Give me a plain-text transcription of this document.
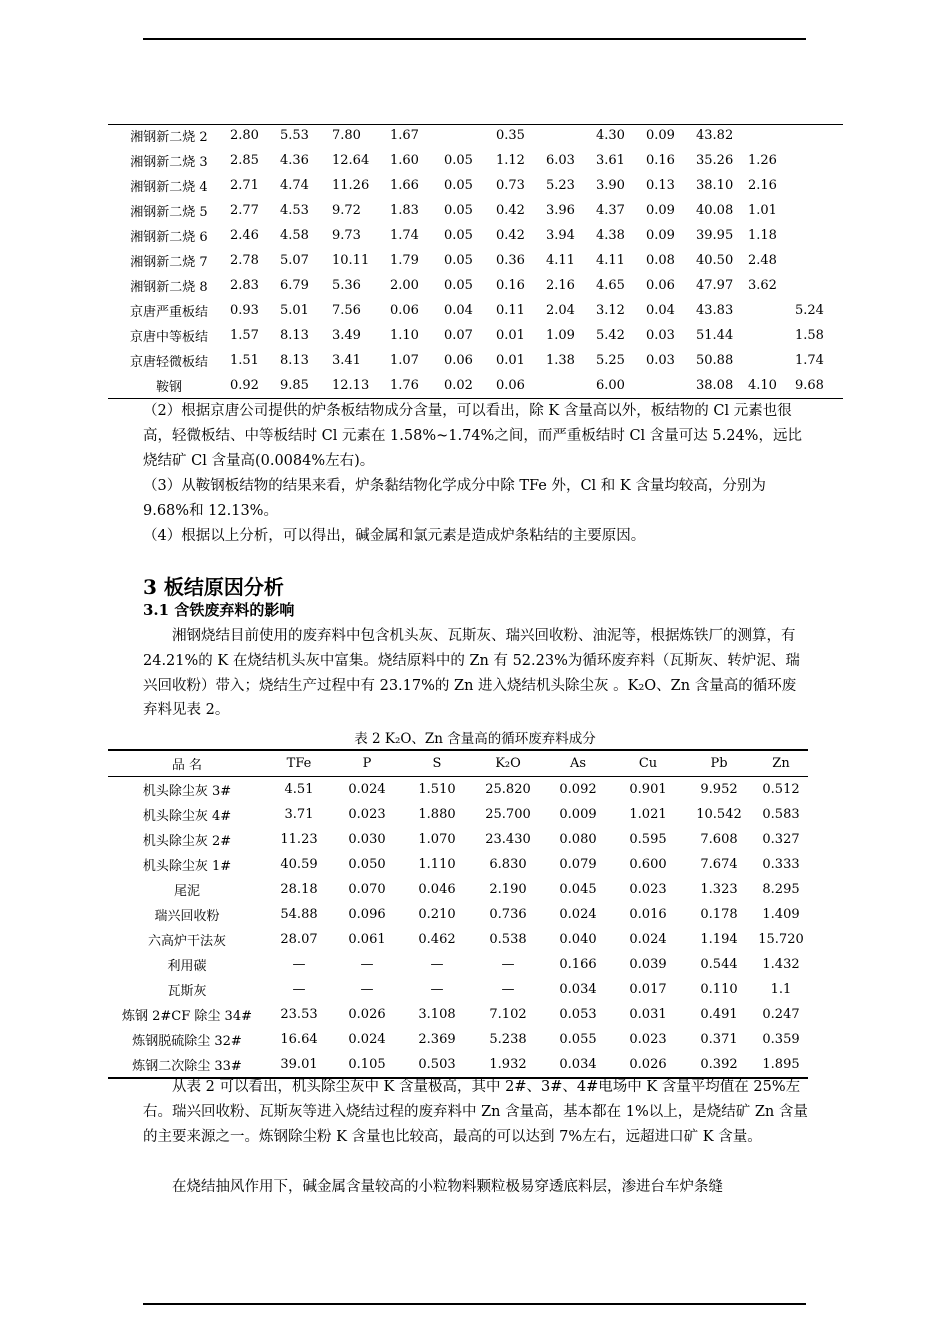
湘钢新二烧 2	2.80	5.53	7.80	1.67		0.35		4.30	0.09	43.82		
湘钢新二烧 3	2.85	4.36	12.64	1.60	0.05	1.12	6.03	3.61	0.16	35.26	1.26	
湘钢新二烧 4	2.71	4.74	11.26	1.66	0.05	0.73	5.23	3.90	0.13	38.10	2.16	
湘钢新二烧 5	2.77	4.53	9.72	1.83	0.05	0.42	3.96	4.37	0.09	40.08	1.01	
湘钢新二烧 6	2.46	4.58	9.73	1.74	0.05	0.42	3.94	4.38	0.09	39.95	1.18	
湘钢新二烧 7	2.78	5.07	10.11	1.79	0.05	0.36	4.11	4.11	0.08	40.50	2.48	
湘钢新二烧 8	2.83	6.79	5.36	2.00	0.05	0.16	2.16	4.65	0.06	47.97	3.62	
京唐严重板结	0.93	5.01	7.56	0.06	0.04	0.11	2.04	3.12	0.04	43.83		5.24
京唐中等板结	1.57	8.13	3.49	1.10	0.07	0.01	1.09	5.42	0.03	51.44		1.58
京唐轻微板结	1.51	8.13	3.41	1.07	0.06	0.01	1.38	5.25	0.03	50.88		1.74
鞍钢	0.92	9.85	12.13	1.76	0.02	0.06		6.00		38.08	4.10	9.68

（2）根据京唐公司提供的炉条板结物成分含量，可以看出，除 K 含量高以外，板结物的 Cl 元素也很高，轻微板结、中等板结时 Cl 元素在 1.58%~1.74%之间，而严重板结时 Cl 含量可达 5.24%，远比烧结矿 Cl 含量高(0.0084%左右)。

（3）从鞍钢板结物的结果来看，炉条黏结物化学成分中除 TFe 外，Cl 和 K 含量均较高，分别为 9.68%和 12.13%。

（4）根据以上分析，可以得出，碱金属和氯元素是造成炉条粘结的主要原因。

3 板结原因分析
3.1 含铁废弃料的影响

湘钢烧结目前使用的废弃料中包含机头灰、瓦斯灰、瑞兴回收粉、油泥等，根据炼铁厂的测算，有 24.21%的 K 在烧结机头灰中富集。烧结原料中的 Zn 有 52.23%为循环废弃料（瓦斯灰、转炉泥、瑞兴回收粉）带入；烧结生产过程中有 23.17%的 Zn 进入烧结机头除尘灰 。K₂O、Zn 含量高的循环废弃料见表 2。

表 2 K₂O、Zn 含量高的循环废弃料成分
品 名	TFe	P	S	K₂O	As	Cu	Pb	Zn
机头除尘灰 3#	4.51	0.024	1.510	25.820	0.092	0.901	9.952	0.512
机头除尘灰 4#	3.71	0.023	1.880	25.700	0.009	1.021	10.542	0.583
机头除尘灰 2#	11.23	0.030	1.070	23.430	0.080	0.595	7.608	0.327
机头除尘灰 1#	40.59	0.050	1.110	6.830	0.079	0.600	7.674	0.333
尾泥	28.18	0.070	0.046	2.190	0.045	0.023	1.323	8.295
瑞兴回收粉	54.88	0.096	0.210	0.736	0.024	0.016	0.178	1.409
六高炉干法灰	28.07	0.061	0.462	0.538	0.040	0.024	1.194	15.720
利用碳	—	—	—	—	0.166	0.039	0.544	1.432
瓦斯灰	—	—	—	—	0.034	0.017	0.110	1.1
炼钢 2#CF 除尘 34#	23.53	0.026	3.108	7.102	0.053	0.031	0.491	0.247
炼钢脱硫除尘 32#	16.64	0.024	2.369	5.238	0.055	0.023	0.371	0.359
炼钢二次除尘 33#	39.01	0.105	0.503	1.932	0.034	0.026	0.392	1.895

从表 2 可以看出，机头除尘灰中 K 含量极高，其中 2#、3#、4#电场中 K 含量平均值在 25%左右。瑞兴回收粉、瓦斯灰等进入烧结过程的废弃料中 Zn 含量高，基本都在 1%以上，是烧结矿 Zn 含量的主要来源之一。炼钢除尘粉 K 含量也比较高，最高的可以达到 7%左右，远超进口矿 K 含量。

在烧结抽风作用下，碱金属含量较高的小粒物料颗粒极易穿透底料层，渗进台车炉条缝
